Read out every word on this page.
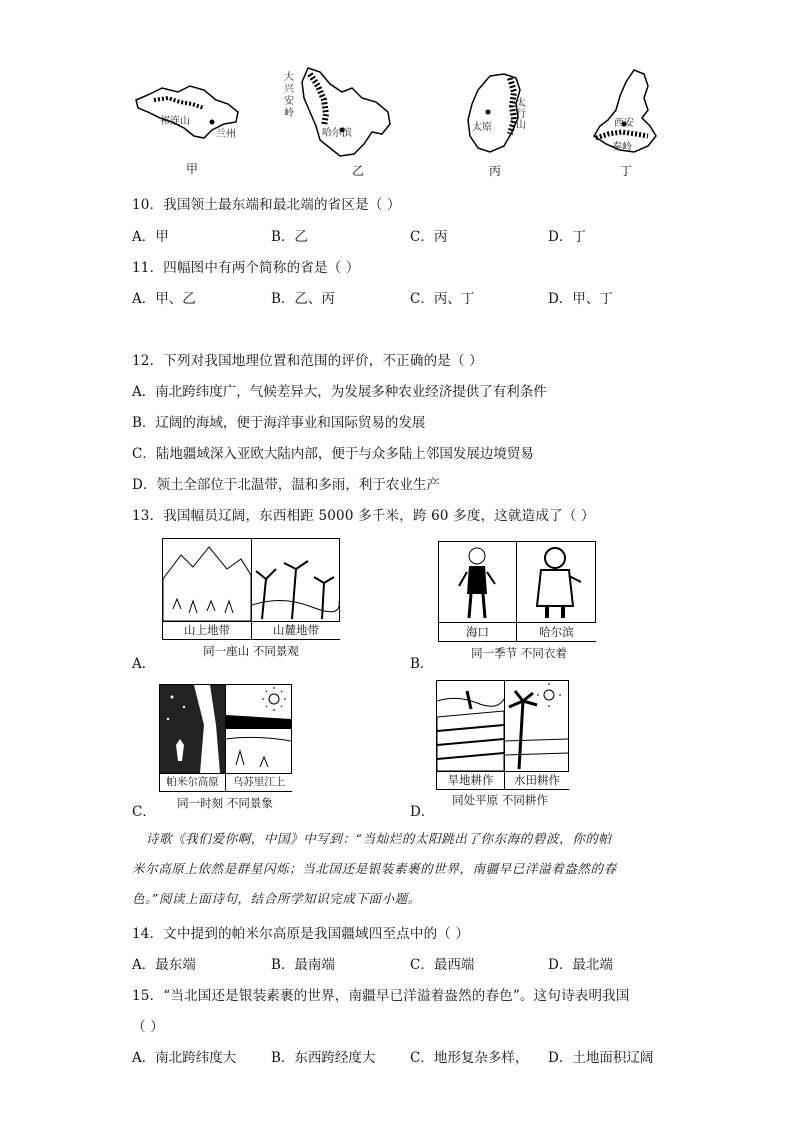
祁连山
兰州
甲
大兴安岭
哈尔滨
乙
太原
太行山
丙
西安
秦岭
丁
10．我国领土最东端和最北端的省区是（ ）
A．甲	B．乙	C．丙	D．丁
11．四幅图中有两个简称的省是（ ）
A．甲、乙	B．乙、丙	C．丙、丁	D．甲、丁
12．下列对我国地理位置和范围的评价，不正确的是（ ）
A．南北跨纬度广，气候差异大，为发展多种农业经济提供了有利条件
B．辽阔的海域，便于海洋事业和国际贸易的发展
C．陆地疆域深入亚欧大陆内部，便于与众多陆上邻国发展边境贸易
D．领土全部位于北温带，温和多雨，利于农业生产
13．我国幅员辽阔，东西相距 5000 多千米，跨 60 多度，这就造成了（ ）
山上地带	山麓地带
同一座山 不同景观
A．
海口	哈尔滨
同一季节 不同衣着
B．
帕米尔高原	乌苏里江上
同一时刻 不同景象
C．
旱地耕作	水田耕作
同处平原 不同耕作
D．
诗歌《我们爱你啊，中国》中写到：“当灿烂的太阳跳出了你东海的碧波，你的帕
米尔高原上依然是群星闪烁；当北国还是银装素裹的世界，南疆早已洋溢着盎然的春
色。”阅读上面诗句，结合所学知识完成下面小题。
14．文中提到的帕米尔高原是我国疆域四至点中的（ ）
A．最东端	B．最南端	C．最西端	D．最北端
15．“当北国还是银装素裹的世界，南疆早已洋溢着盎然的春色”。这句诗表明我国
（ ）
A．南北跨纬度大	B．东西跨经度大	C．地形复杂多样， D．土地面积辽阔
